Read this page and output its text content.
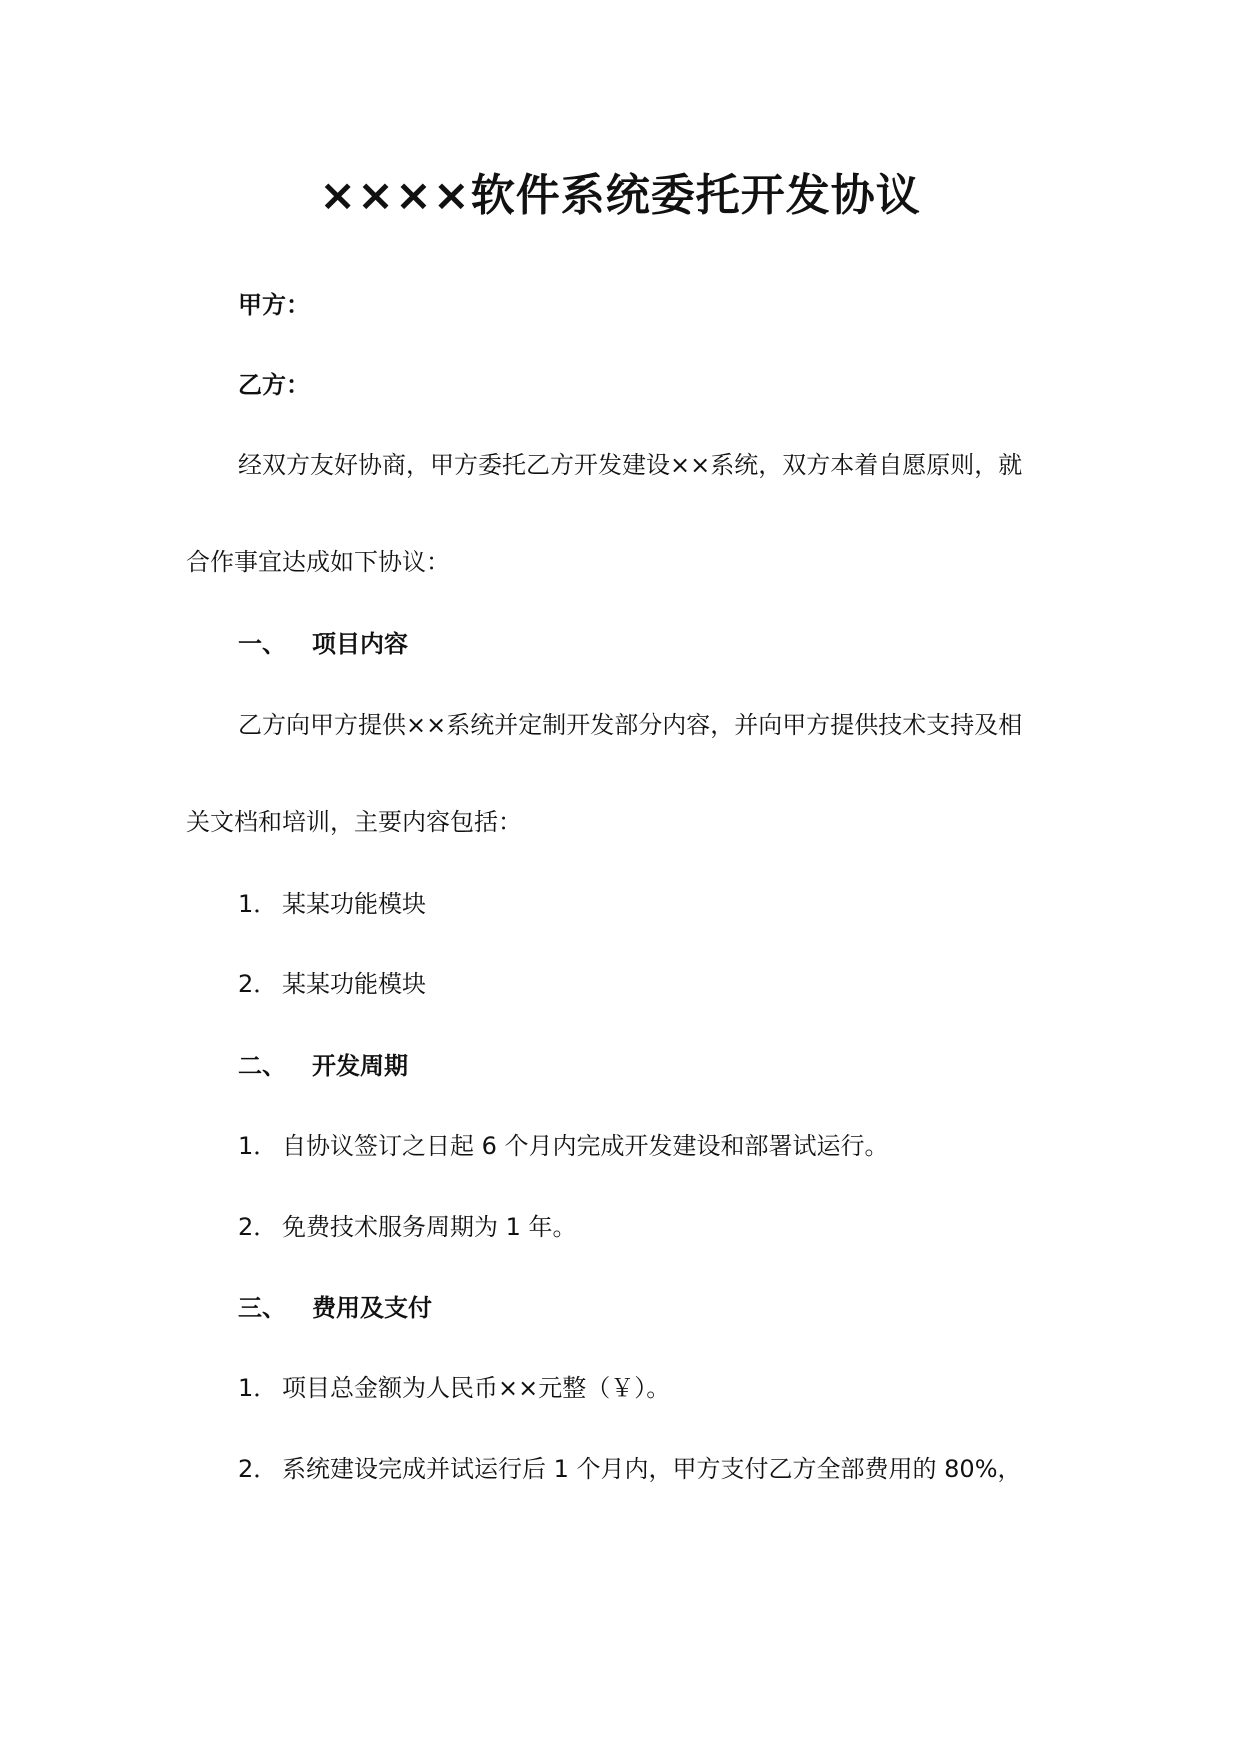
××××软件系统委托开发协议
甲方：
乙方：
经双方友好协商，甲方委托乙方开发建设××系统，双方本着自愿原则，就
合作事宜达成如下协议：
一、 项目内容
乙方向甲方提供××系统并定制开发部分内容，并向甲方提供技术支持及相
关文档和培训，主要内容包括：
1． 某某功能模块
2． 某某功能模块
二、 开发周期
1． 自协议签订之日起 6 个月内完成开发建设和部署试运行。
2． 免费技术服务周期为 1 年。
三、 费用及支付
1． 项目总金额为人民币××元整（￥）。
2． 系统建设完成并试运行后 1 个月内，甲方支付乙方全部费用的 80%，
